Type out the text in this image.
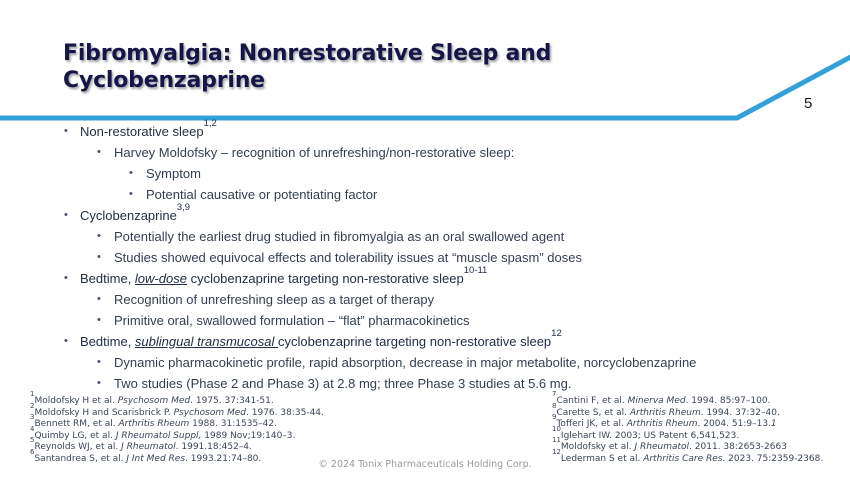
Fibromyalgia: Nonrestorative Sleep and
Cyclobenzaprine
5
• Non-restorative sleep$^{1,2}$
• Harvey Moldofsky – recognition of unrefreshing/non-restorative sleep:
• Symptom
• Potential causative or potentiating factor
• Cyclobenzaprine$^{3,9}$
• Potentially the earliest drug studied in fibromyalgia as an oral swallowed agent
• Studies showed equivocal effects and tolerability issues at “muscle spasm” doses
• Bedtime, low-dose cyclobenzaprine targeting non-restorative sleep$^{10-11}$
• Recognition of unrefreshing sleep as a target of therapy
• Primitive oral, swallowed formulation – “flat” pharmacokinetics
• Bedtime, sublingual transmucosal cyclobenzaprine targeting non-restorative sleep$^{12}$
• Dynamic pharmacokinetic profile, rapid absorption, decrease in major metabolite, norcyclobenzaprine
• Two studies (Phase 2 and Phase 3) at 2.8 mg; three Phase 3 studies at 5.6 mg.
$^1$Moldofsky H et al. Psychosom Med. 1975. 37:341-51.
$^2$Moldofsky H and Scarisbrick P. Psychosom Med. 1976. 38:35-44.
$^3$Bennett RM, et al. Arthritis Rheum 1988. 31:1535–42.
$^4$Quimby LG, et al. J Rheumatol Suppl, 1989 Nov;19:140–3.
$^5$Reynolds WJ, et al. J Rheumatol. 1991.18:452–4.
$^6$Santandrea S, et al. J Int Med Res. 1993.21:74–80.
$^7$Cantini F, et al. Minerva Med. 1994. 85:97–100.
$^8$Carette S, et al. Arthritis Rheum. 1994. 37:32–40.
$^9$Tofferi JK, et al. Arthritis Rheum. 2004. 51:9–13.1
$^{10}$Iglehart IW. 2003; US Patent 6,541,523.
$^{11}$Moldofsky et al. J Rheumatol. 2011. 38:2653-2663
$^{12}$Lederman S et al. Arthritis Care Res. 2023. 75:2359-2368.
© 2024 Tonix Pharmaceuticals Holding Corp.
